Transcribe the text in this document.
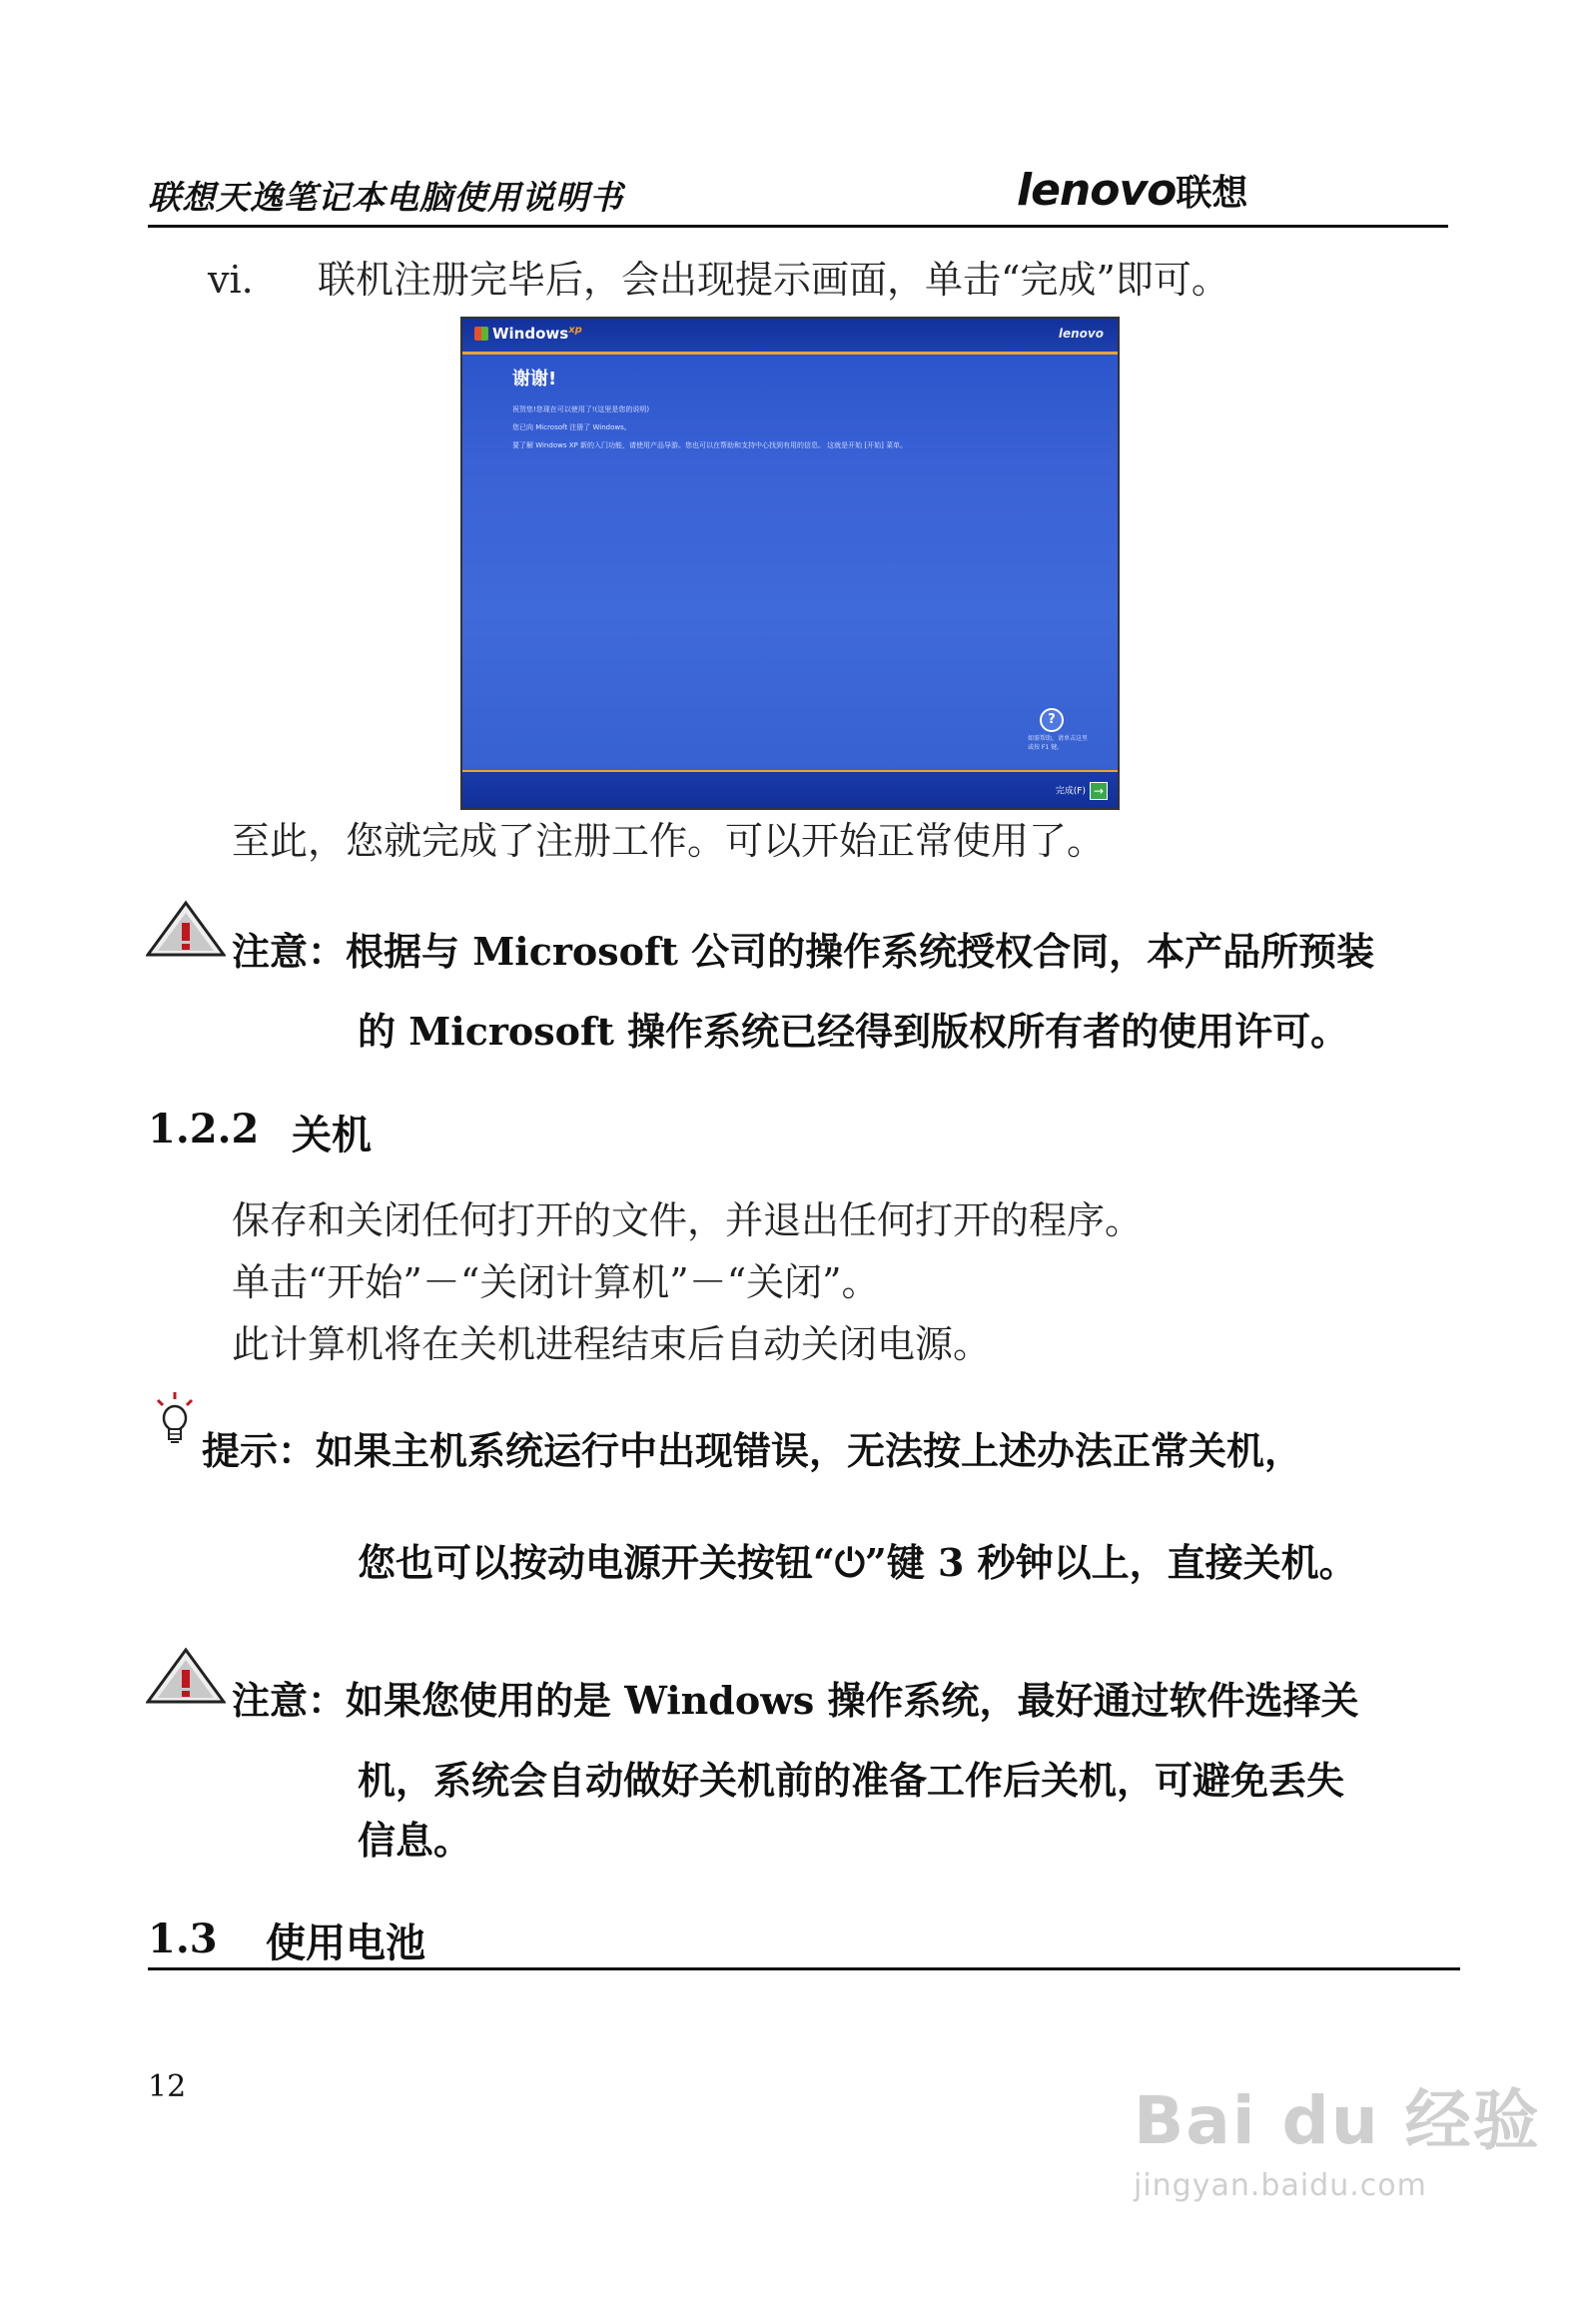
联想天逸笔记本电脑使用说明书	lenovo联想
vi. 联机注册完毕后，会出现提示画面，单击“完成”即可。
Windows$^{xp}$	lenovo
谢谢!
祝贺您!您现在可以使用了!(这里是您的说明)
您已向 Microsoft 注册了 Windows。
要了解 Windows XP 新的入门功能，请使用产品导游。您也可以在帮助和支持中心找到有用的信息。 这就是开始 [开始] 菜单。
?
如需帮助，请单击这里
或按 F1 键。
完成(F) →
至此，您就完成了注册工作。可以开始正常使用了。
注意：根据与 Microsoft 公司的操作系统授权合同，本产品所预装
的 Microsoft 操作系统已经得到版权所有者的使用许可。
1.2.2 关机
保存和关闭任何打开的文件，并退出任何打开的程序。
单击“开始”－“关闭计算机”－“关闭”。
此计算机将在关机进程结束后自动关闭电源。
提示：如果主机系统运行中出现错误，无法按上述办法正常关机，
您也可以按动电源开关按钮“⏻”键 3 秒钟以上，直接关机。
注意：如果您使用的是 Windows 操作系统，最好通过软件选择关
机，系统会自动做好关机前的准备工作后关机，可避免丢失
信息。
1.3 使用电池
12	Bai du 经验
jingyan.baidu.com
